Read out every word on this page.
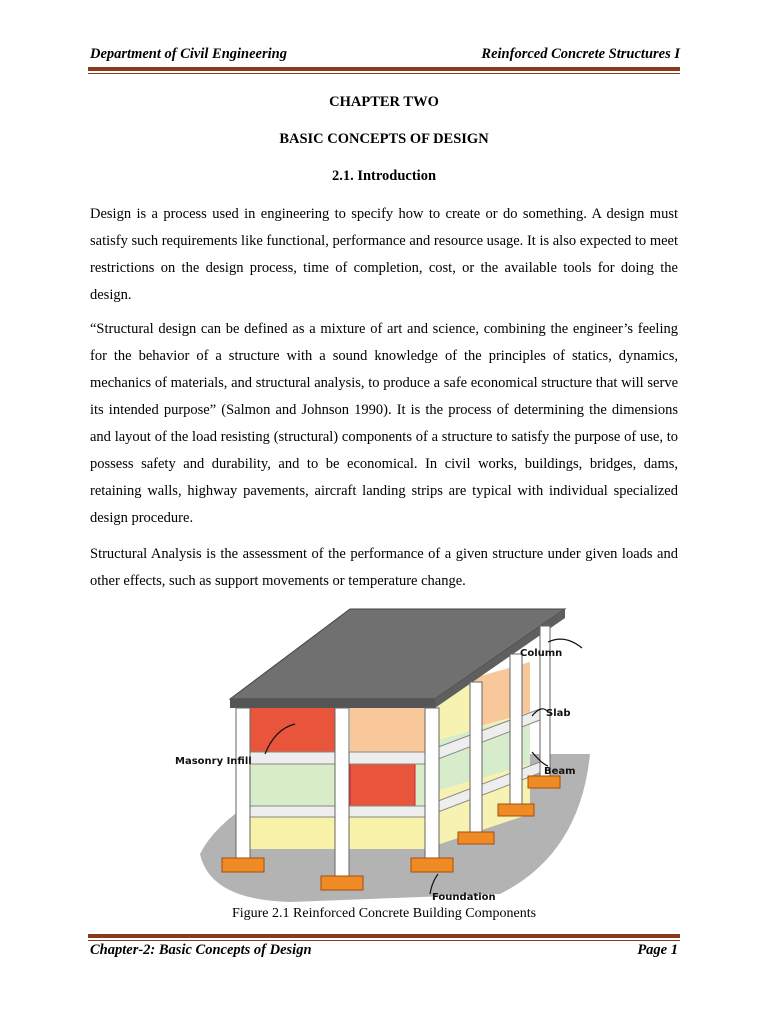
Department of Civil Engineering	Reinforced Concrete Structures I
CHAPTER TWO
BASIC CONCEPTS OF DESIGN
2.1. Introduction
Design is a process used in engineering to specify how to create or do something. A design must satisfy such requirements like functional, performance and resource usage. It is also expected to meet restrictions on the design process, time of completion, cost, or the available tools for doing the design.
“Structural design can be defined as a mixture of art and science, combining the engineer’s feeling for the behavior of a structure with a sound knowledge of the principles of statics, dynamics, mechanics of materials, and structural analysis, to produce a safe economical structure that will serve its intended purpose” (Salmon and Johnson 1990). It is the process of determining the dimensions and layout of the load resisting (structural) components of a structure to satisfy the purpose of use, to possess safety and durability, and to be economical. In civil works, buildings, bridges, dams, retaining walls, highway pavements, aircraft landing strips are typical with individual specialized design procedure.
Structural Analysis is the assessment of the performance of a given structure under given loads and other effects, such as support movements or temperature change.
Column
Slab
Beam
Masonry Infill
Foundation
Figure 2.1 Reinforced Concrete Building Components
Chapter-2: Basic Concepts of Design	Page 1
